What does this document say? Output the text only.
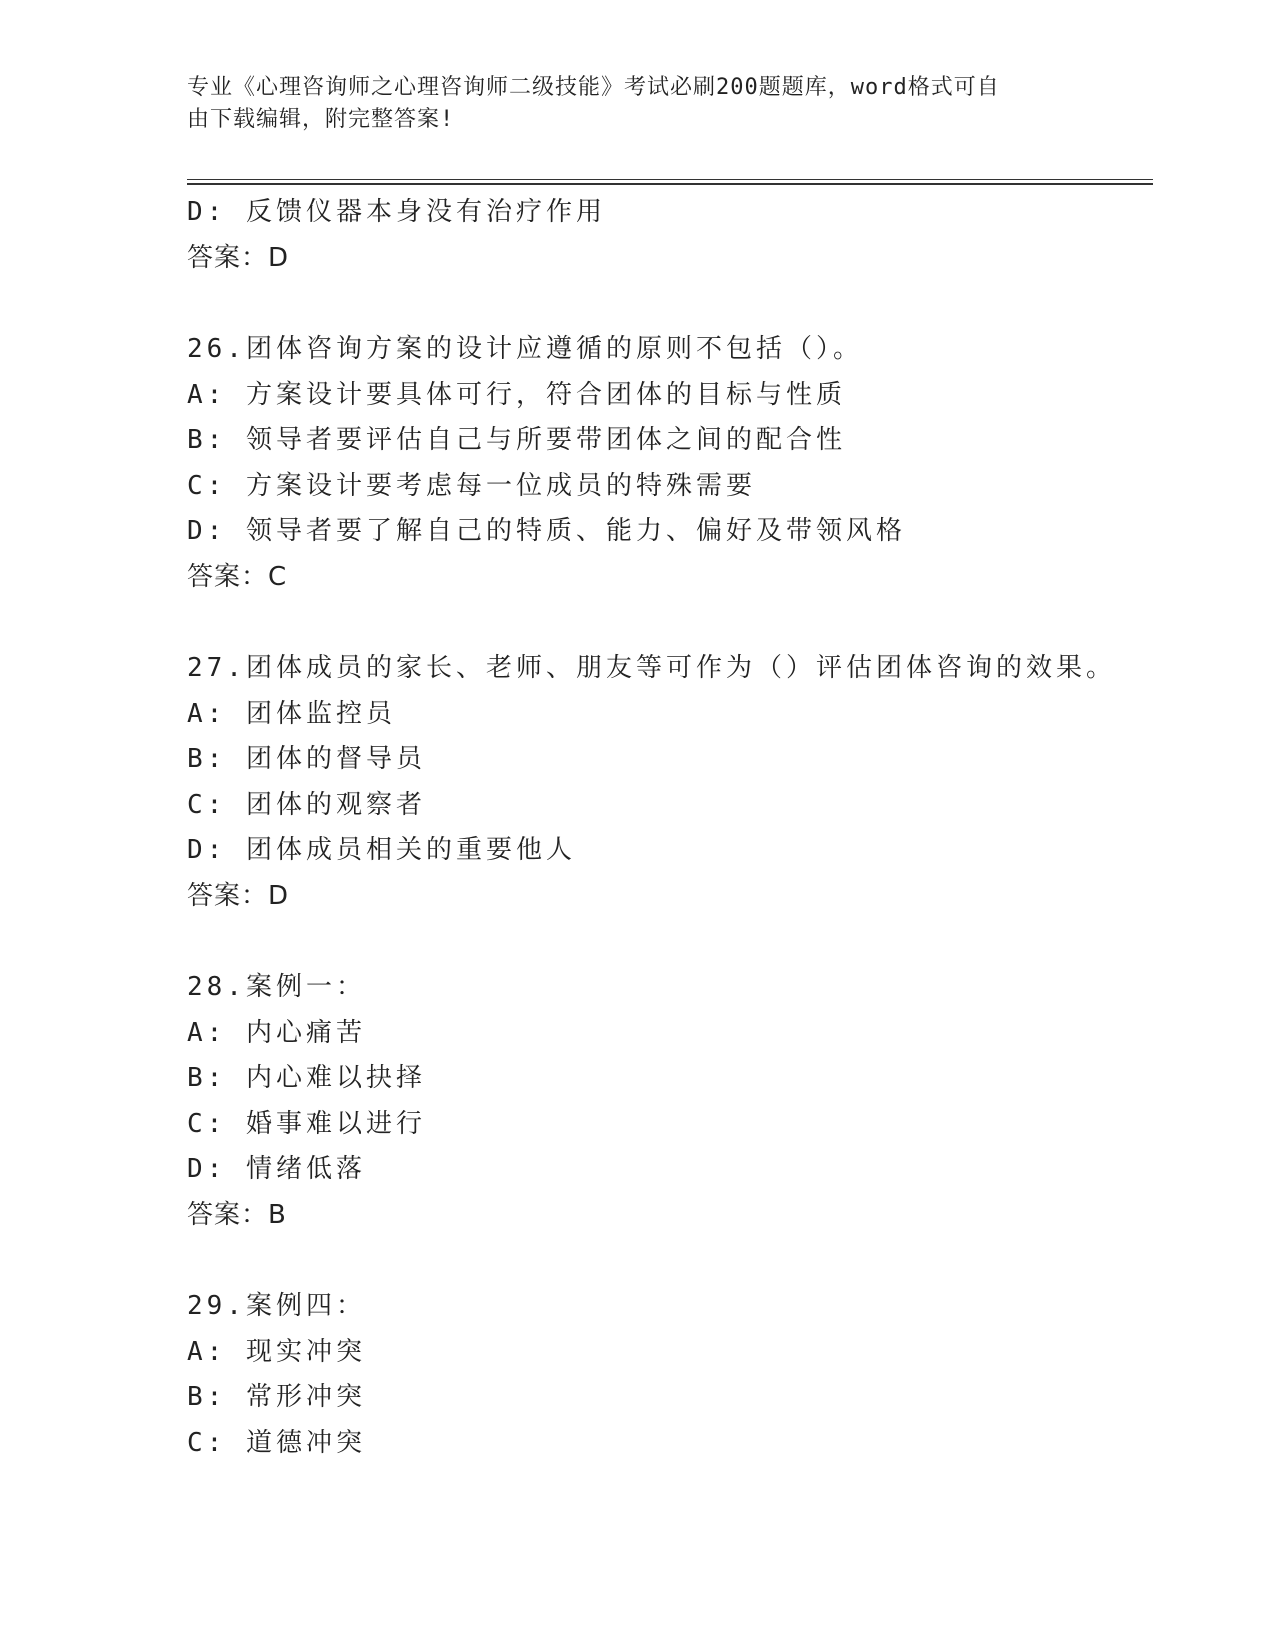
专业《心理咨询师之心理咨询师二级技能》考试必刷200题题库，word格式可自
由下载编辑，附完整答案!
D: 反馈仪器本身没有治疗作用
答案：D
26.团体咨询方案的设计应遵循的原则不包括（）。
A: 方案设计要具体可行，符合团体的目标与性质
B: 领导者要评估自己与所要带团体之间的配合性
C: 方案设计要考虑每一位成员的特殊需要
D: 领导者要了解自己的特质、能力、偏好及带领风格
答案：C
27.团体成员的家长、老师、朋友等可作为（）评估团体咨询的效果。
A: 团体监控员
B: 团体的督导员
C: 团体的观察者
D: 团体成员相关的重要他人
答案：D
28.案例一：
A: 内心痛苦
B: 内心难以抉择
C: 婚事难以进行
D: 情绪低落
答案：B
29.案例四：
A: 现实冲突
B: 常形冲突
C: 道德冲突
